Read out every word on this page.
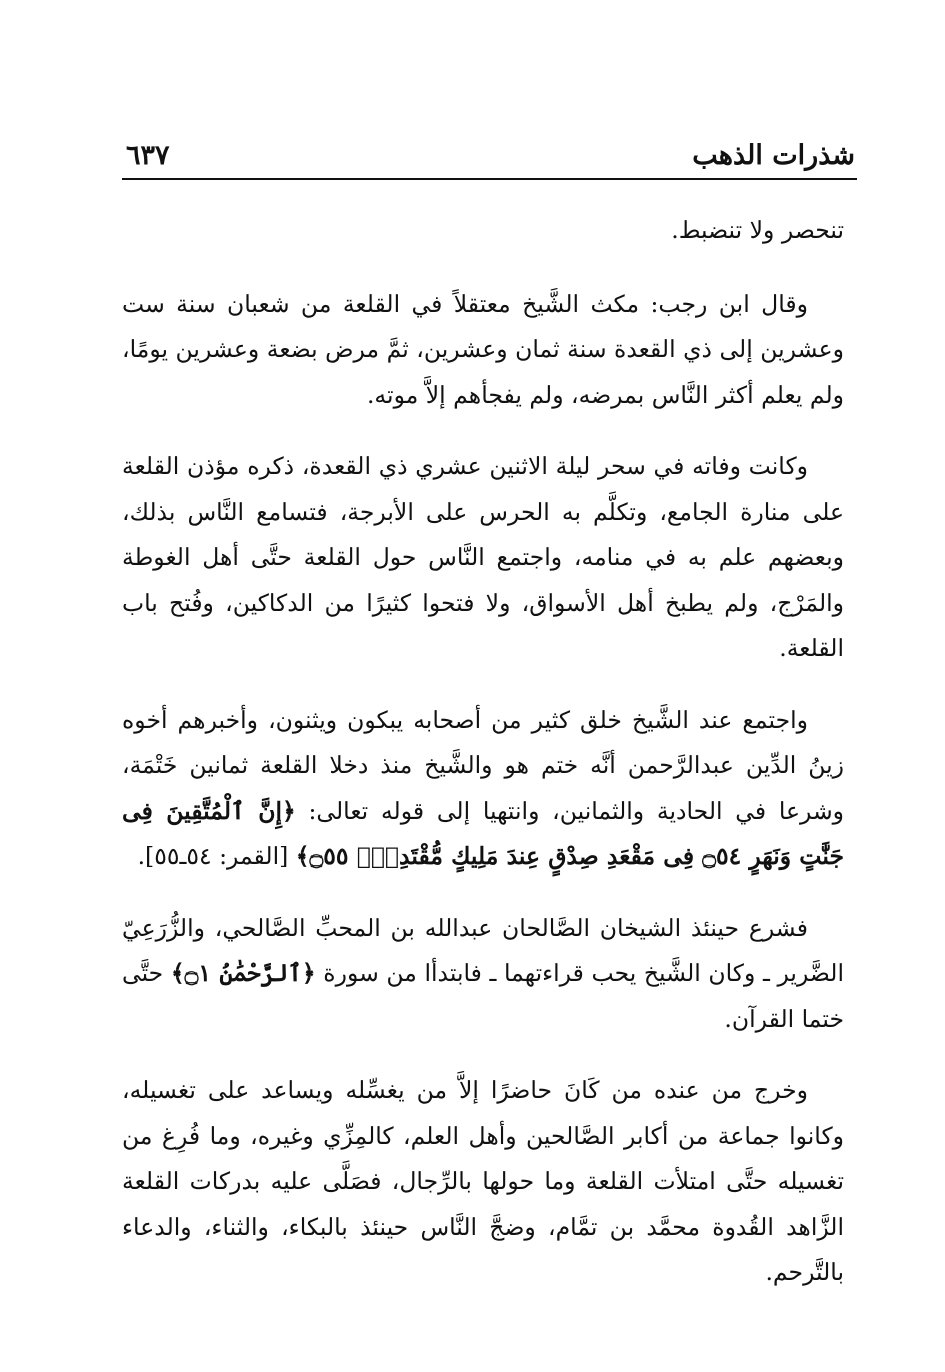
شذرات الذهب
٦٣٧

تنحصر ولا تنضبط.

وقال ابن رجب: مكث الشَّيخ معتقلاً في القلعة من شعبان سنة ست وعشرين إلى ذي القعدة سنة ثمان وعشرين، ثمَّ مرض بضعة وعشرين يومًا، ولم يعلم أكثر النَّاس بمرضه، ولم يفجأهم إلاَّ موته.

وكانت وفاته في سحر ليلة الاثنين عشري ذي القعدة، ذكره مؤذن القلعة على منارة الجامع، وتكلَّم به الحرس على الأبرجة، فتسامع النَّاس بذلك، وبعضهم علم به في منامه، واجتمع النَّاس حول القلعة حتَّى أهل الغوطة والمَرْج، ولم يطبخ أهل الأسواق، ولا فتحوا كثيرًا من الدكاكين، وفُتح باب القلعة.

واجتمع عند الشَّيخ خلق كثير من أصحابه يبكون ويثنون، وأخبرهم أخوه زينُ الدِّين عبدالرَّحمن أنَّه ختم هو والشَّيخ منذ دخلا القلعة ثمانين خَتْمَة، وشرعا في الحادية والثمانين، وانتهيا إلى قوله تعالى: ﴿إِنَّ ٱلْمُتَّقِينَ فِى جَنَّٰتٍ وَنَهَرٍ ۝٥٤ فِى مَقْعَدِ صِدْقٍ عِندَ مَلِيكٍ مُّقْتَدِرٍۭ ۝٥٥﴾ [القمر: ٥٤ـ٥٥].

فشرع حينئذ الشيخان الصَّالحان عبدالله بن المحبِّ الصَّالحي، والزُّرَعِيّ الضَّرير ـ وكان الشَّيخ يحب قراءتهما ـ فابتدأا من سورة ﴿ٱلرَّحْمَٰنُ ۝١﴾ حتَّى ختما القرآن.

وخرج من عنده من كَانَ حاضرًا إلاَّ من يغسِّله ويساعد على تغسيله، وكانوا جماعة من أكابر الصَّالحين وأهل العلم، كالمِزِّي وغيره، وما فُرِغ من تغسيله حتَّى امتلأت القلعة وما حولها بالرِّجال، فصَلَّى عليه بدركات القلعة الزَّاهد القُدوة محمَّد بن تمَّام، وضجَّ النَّاس حينئذ بالبكاء، والثناء، والدعاء بالتَّرحم.
